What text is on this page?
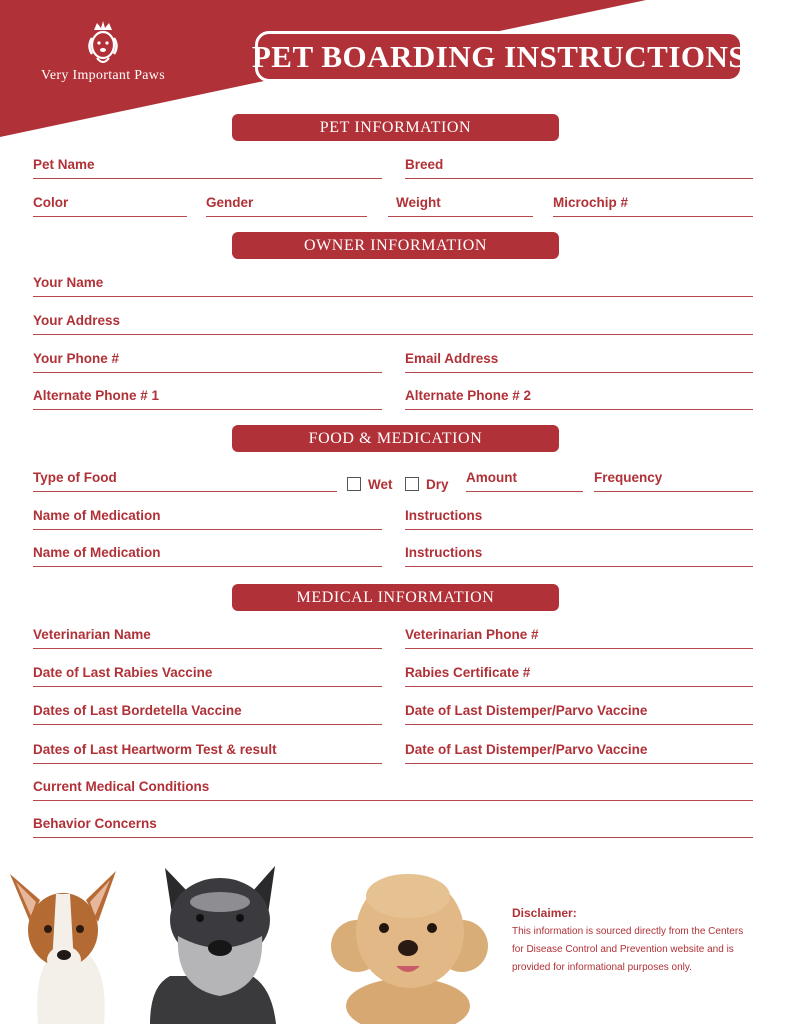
Very Important Paws
PET BOARDING INSTRUCTIONS
PET INFORMATION
Pet Name	Breed
Color	Gender	Weight	Microchip #
OWNER INFORMATION
Your Name
Your Address
Your Phone #	Email Address
Alternate Phone # 1	Alternate Phone # 2
FOOD & MEDICATION
Type of Food	Wet Dry Amount	Frequency
Name of Medication	Instructions
Name of Medication	Instructions
MEDICAL INFORMATION
Veterinarian Name	Veterinarian Phone #
Date of Last Rabies Vaccine	Rabies Certificate #
Dates of Last Bordetella Vaccine	Date of Last Distemper/Parvo Vaccine
Dates of Last Heartworm Test & result	Date of Last Distemper/Parvo Vaccine
Current Medical Conditions
Behavior Concerns
Disclaimer:
This information is sourced directly from the Centers
for Disease Control and Prevention website and is
provided for informational purposes only.
